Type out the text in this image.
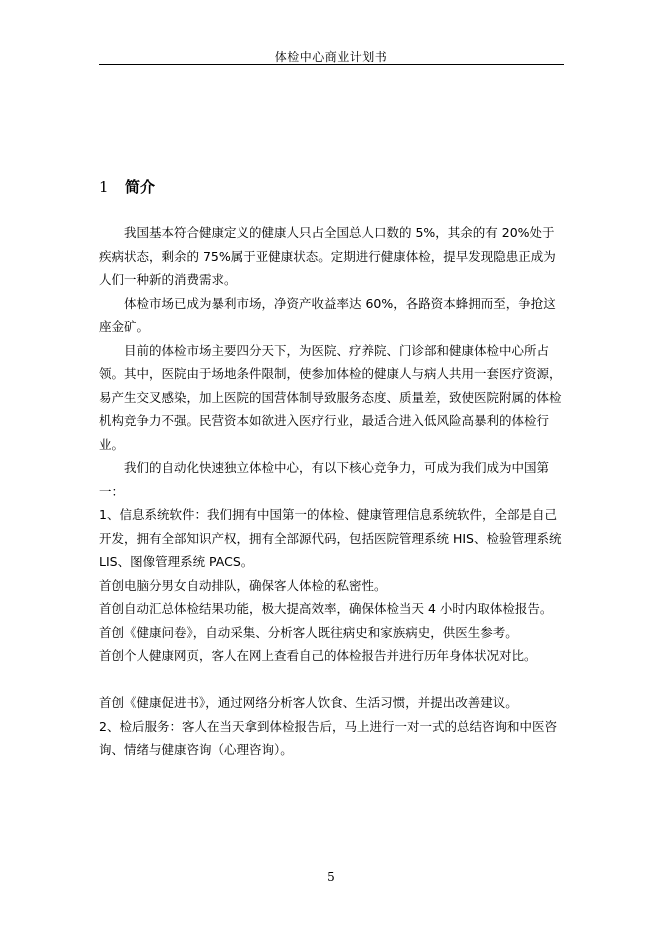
体检中心商业计划书
1 简介

我国基本符合健康定义的健康人只占全国总人口数的 5%，其余的有 20%处于疾病状态，剩余的 75%属于亚健康状态。定期进行健康体检，提早发现隐患正成为人们一种新的消费需求。

体检市场已成为暴利市场，净资产收益率达 60%，各路资本蜂拥而至，争抢这座金矿。

目前的体检市场主要四分天下，为医院、疗养院、门诊部和健康体检中心所占领。其中，医院由于场地条件限制，使参加体检的健康人与病人共用一套医疗资源，易产生交叉感染，加上医院的国营体制导致服务态度、质量差，致使医院附属的体检机构竞争力不强。民营资本如欲进入医疗行业，最适合进入低风险高暴利的体检行业。

我们的自动化快速独立体检中心，有以下核心竞争力，可成为我们成为中国第一：

1、信息系统软件：我们拥有中国第一的体检、健康管理信息系统软件，全部是自己开发，拥有全部知识产权，拥有全部源代码，包括医院管理系统 HIS、检验管理系统 LIS、图像管理系统 PACS。

首创电脑分男女自动排队，确保客人体检的私密性。

首创自动汇总体检结果功能，极大提高效率，确保体检当天 4 小时内取体检报告。

首创《健康问卷》，自动采集、分析客人既往病史和家族病史，供医生参考。

首创个人健康网页，客人在网上查看自己的体检报告并进行历年身体状况对比。

首创《健康促进书》，通过网络分析客人饮食、生活习惯，并提出改善建议。

2、检后服务：客人在当天拿到体检报告后，马上进行一对一式的总结咨询和中医咨询、情绪与健康咨询（心理咨询）。

5
